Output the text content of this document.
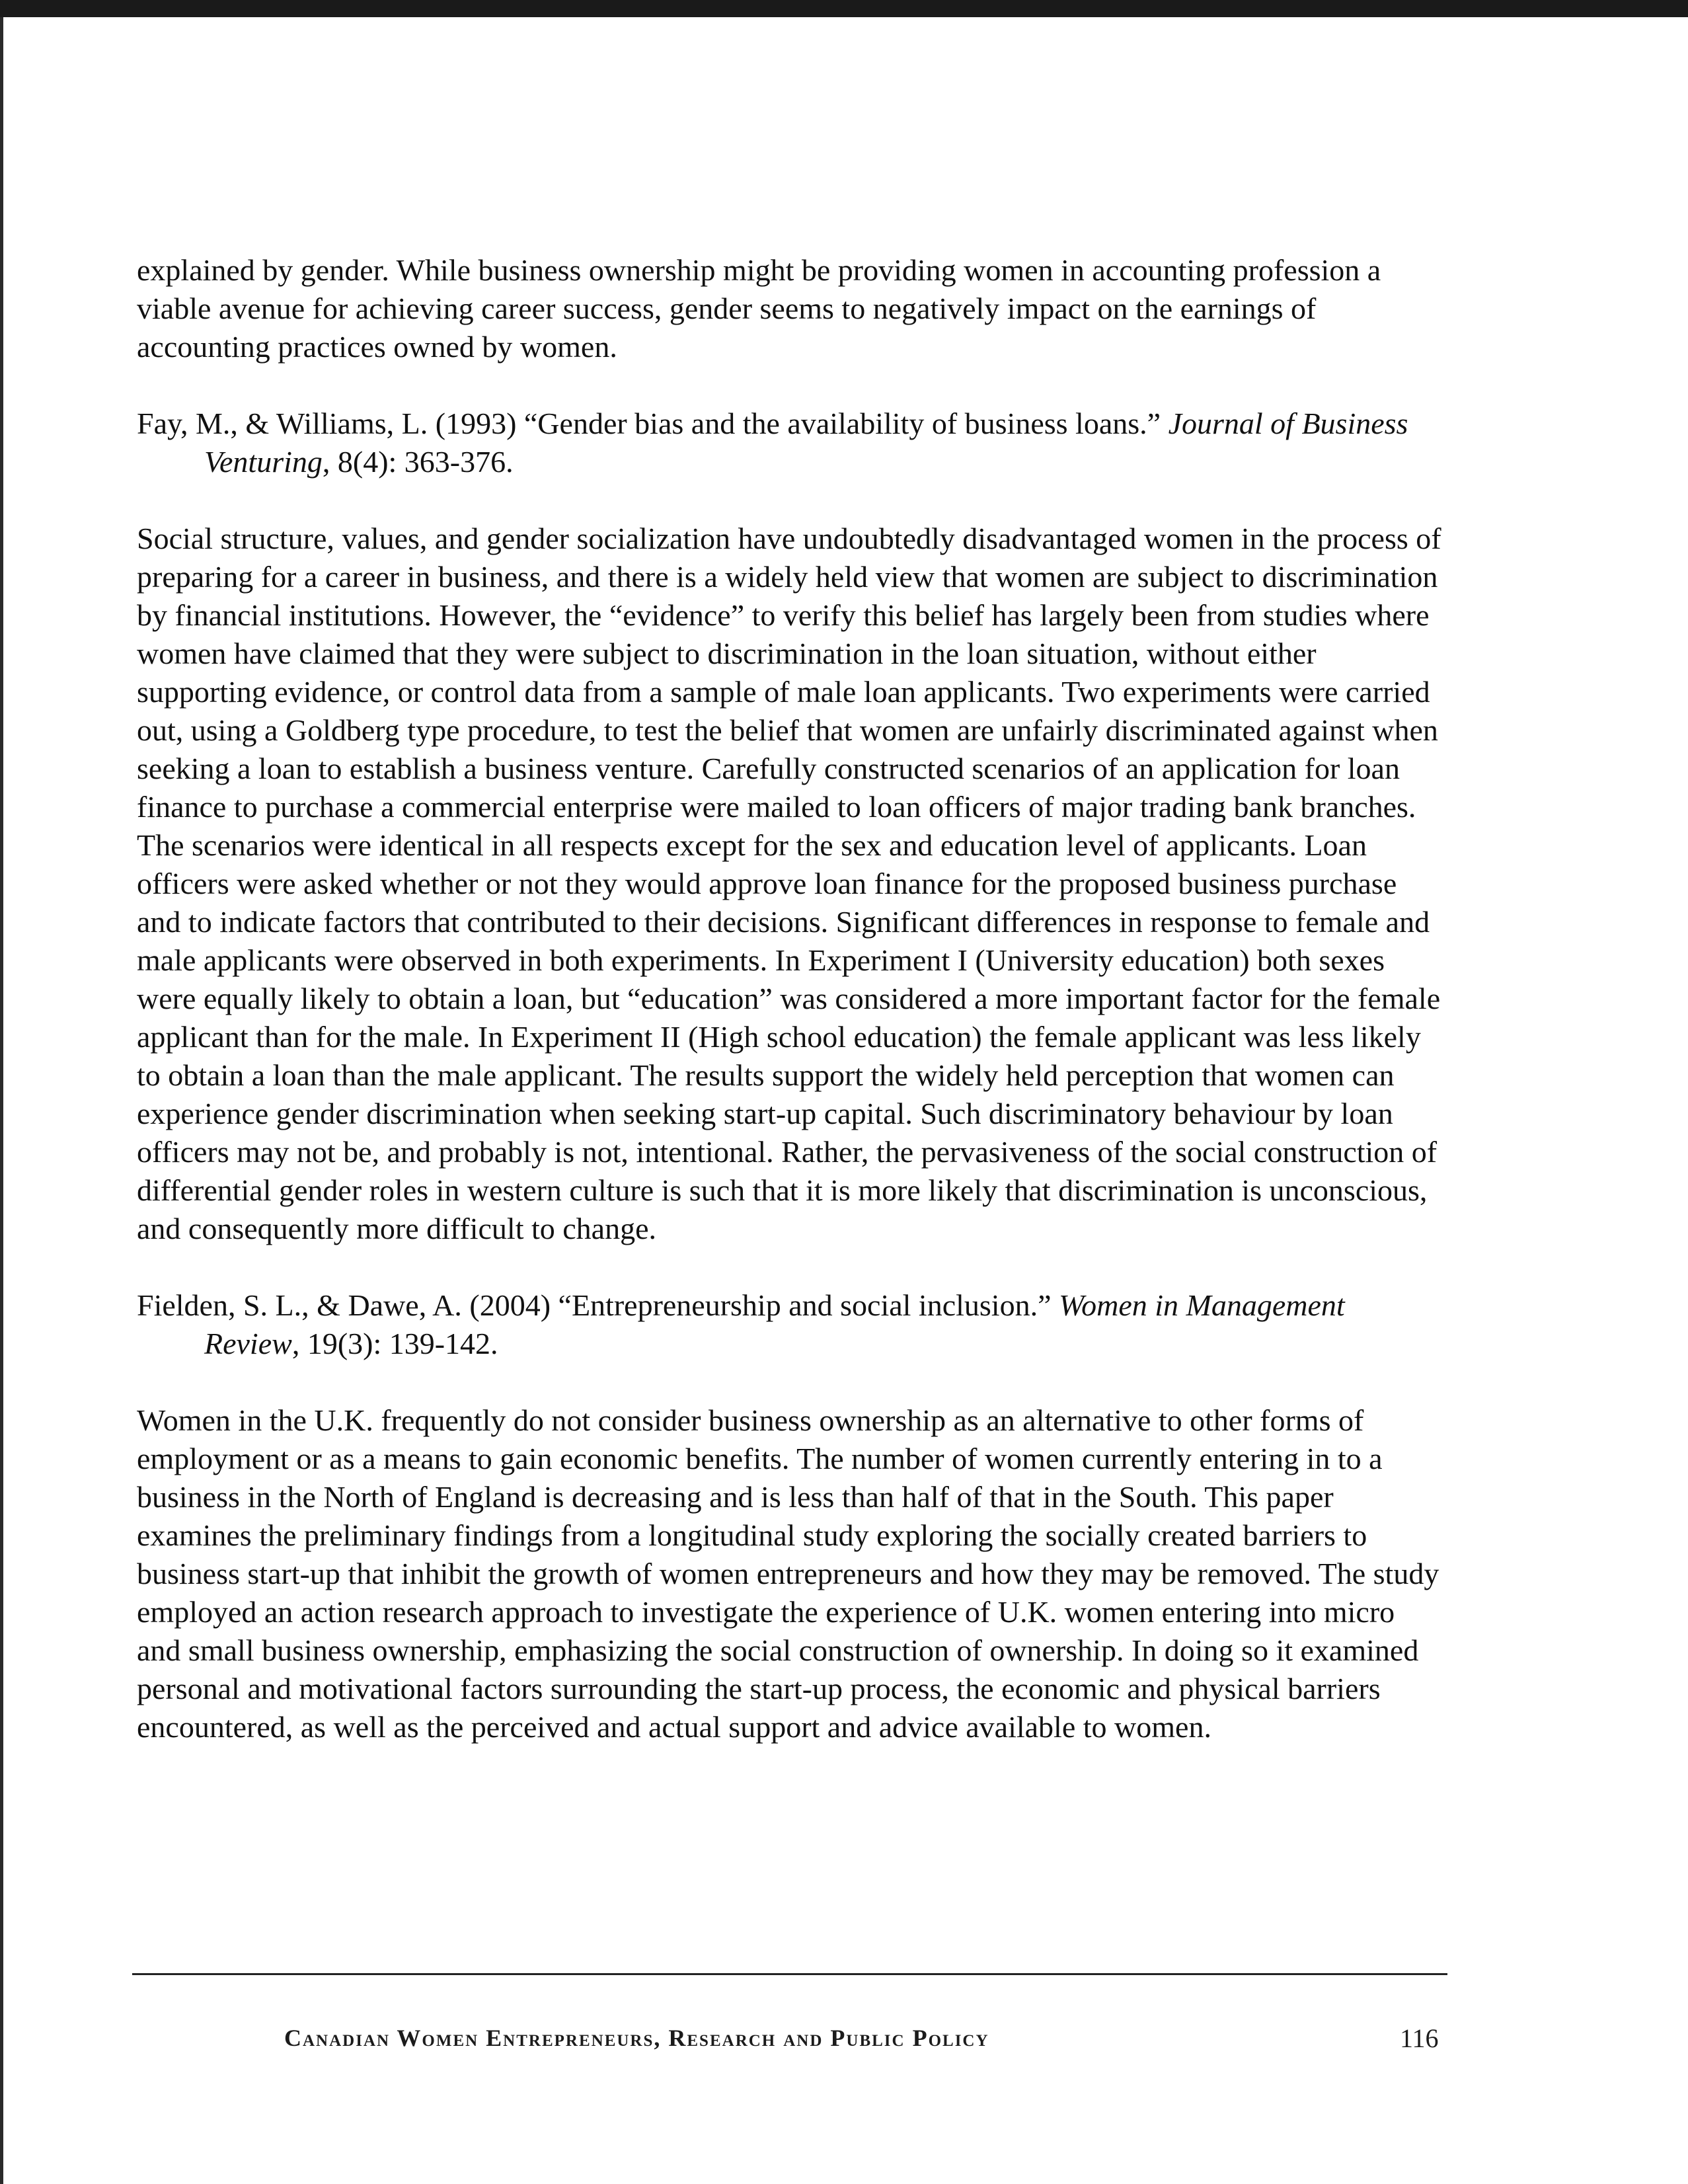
explained by gender. While business ownership might be providing women in accounting profession a viable avenue for achieving career success, gender seems to negatively impact on the earnings of accounting practices owned by women.

Fay, M., & Williams, L. (1993) “Gender bias and the availability of business loans.” Journal of Business Venturing, 8(4): 363-376.

Social structure, values, and gender socialization have undoubtedly disadvantaged women in the process of preparing for a career in business, and there is a widely held view that women are subject to discrimination by financial institutions. However, the “evidence” to verify this belief has largely been from studies where women have claimed that they were subject to discrimination in the loan situation, without either supporting evidence, or control data from a sample of male loan applicants. Two experiments were carried out, using a Goldberg type procedure, to test the belief that women are unfairly discriminated against when seeking a loan to establish a business venture. Carefully constructed scenarios of an application for loan finance to purchase a commercial enterprise were mailed to loan officers of major trading bank branches. The scenarios were identical in all respects except for the sex and education level of applicants. Loan officers were asked whether or not they would approve loan finance for the proposed business purchase and to indicate factors that contributed to their decisions. Significant differences in response to female and male applicants were observed in both experiments. In Experiment I (University education) both sexes were equally likely to obtain a loan, but “education” was considered a more important factor for the female applicant than for the male. In Experiment II (High school education) the female applicant was less likely to obtain a loan than the male applicant. The results support the widely held perception that women can experience gender discrimination when seeking start-up capital. Such discriminatory behaviour by loan officers may not be, and probably is not, intentional. Rather, the pervasiveness of the social construction of differential gender roles in western culture is such that it is more likely that discrimination is unconscious, and consequently more difficult to change.

Fielden, S. L., & Dawe, A. (2004) “Entrepreneurship and social inclusion.” Women in Management Review, 19(3): 139-142.

Women in the U.K. frequently do not consider business ownership as an alternative to other forms of employment or as a means to gain economic benefits. The number of women currently entering in to a business in the North of England is decreasing and is less than half of that in the South. This paper examines the preliminary findings from a longitudinal study exploring the socially created barriers to business start-up that inhibit the growth of women entrepreneurs and how they may be removed. The study employed an action research approach to investigate the experience of U.K. women entering into micro and small business ownership, emphasizing the social construction of ownership. In doing so it examined personal and motivational factors surrounding the start-up process, the economic and physical barriers encountered, as well as the perceived and actual support and advice available to women.

Canadian Women Entrepreneurs, Research and Public Policy	116
